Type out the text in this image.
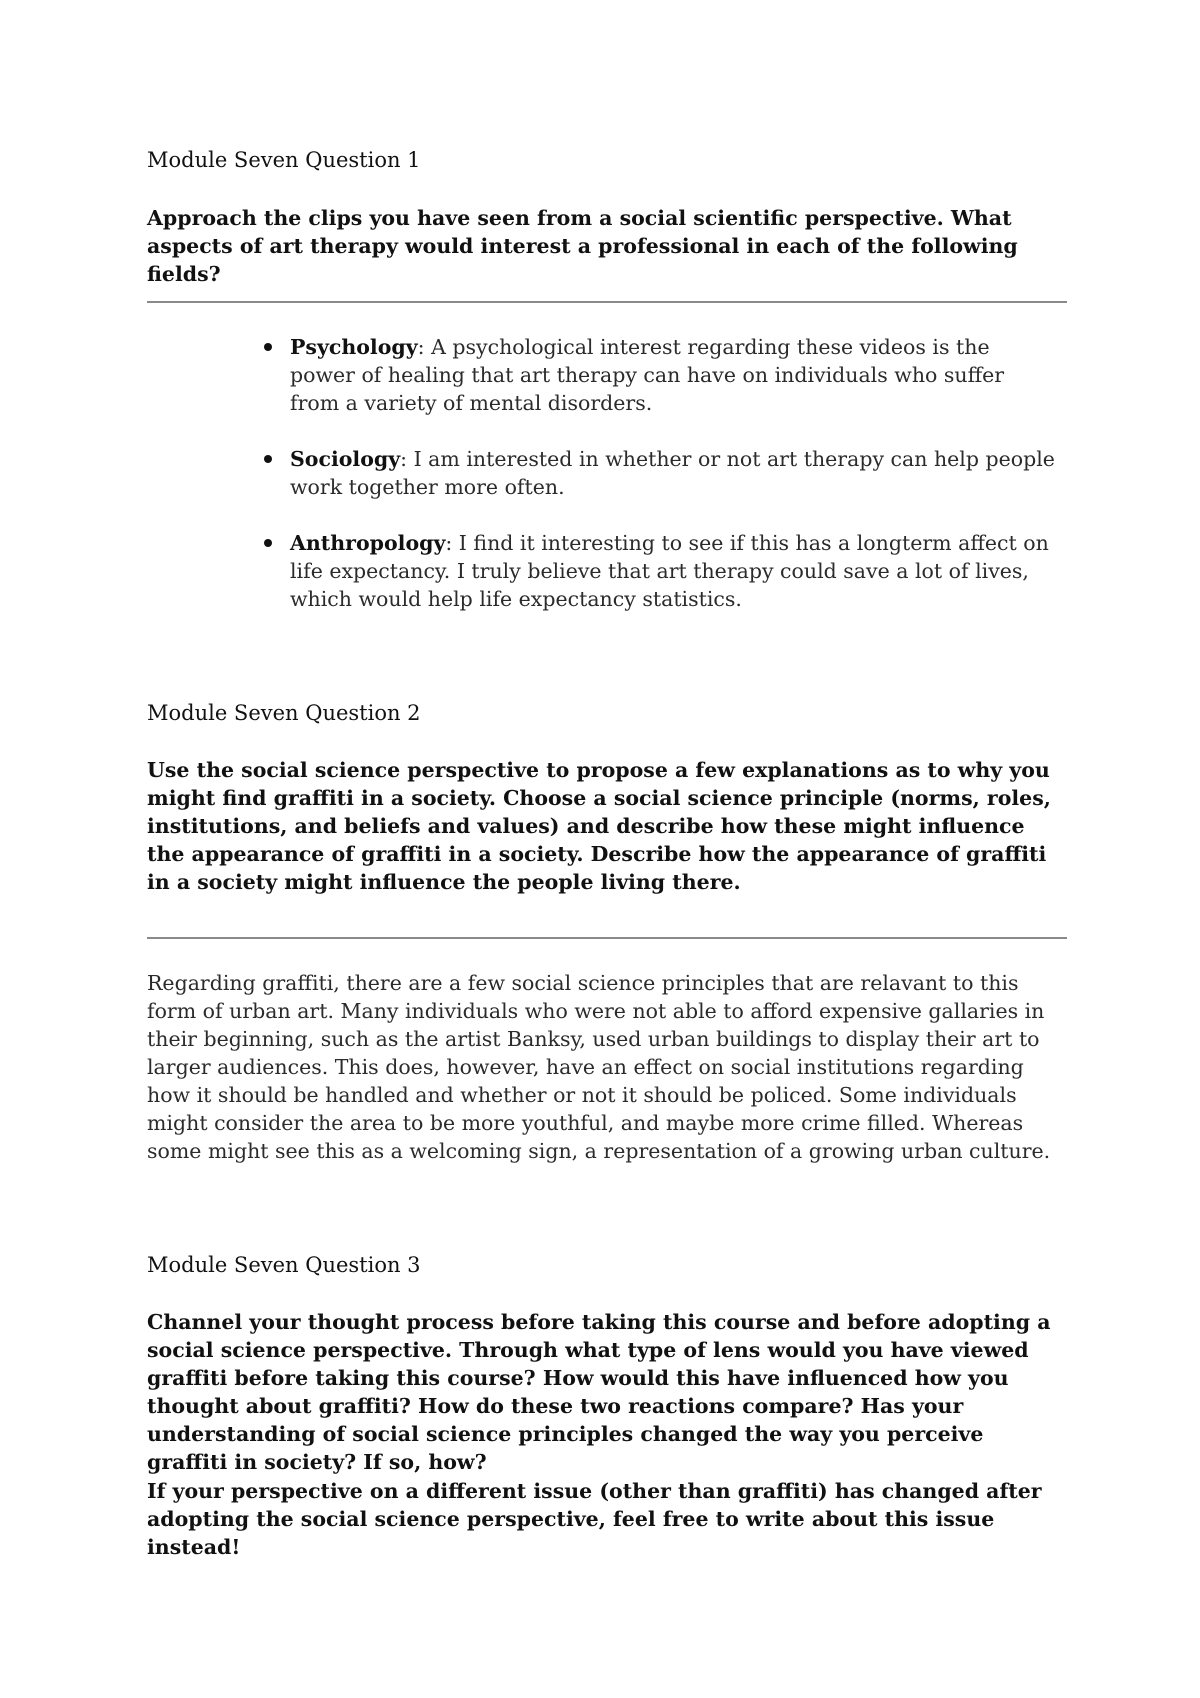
Module Seven Question 1
Approach the clips you have seen from a social scientific perspective. What aspects of art therapy would interest a professional in each of the following fields?
Psychology: A psychological interest regarding these videos is the power of healing that art therapy can have on individuals who suffer from a variety of mental disorders.
Sociology: I am interested in whether or not art therapy can help people work together more often.
Anthropology: I find it interesting to see if this has a longterm affect on life expectancy. I truly believe that art therapy could save a lot of lives, which would help life expectancy statistics.
Module Seven Question 2
Use the social science perspective to propose a few explanations as to why you might find graffiti in a society. Choose a social science principle (norms, roles, institutions, and beliefs and values) and describe how these might influence the appearance of graffiti in a society. Describe how the appearance of graffiti in a society might influence the people living there.
Regarding graffiti, there are a few social science principles that are relavant to this form of urban art. Many individuals who were not able to afford expensive gallaries in their beginning, such as the artist Banksy, used urban buildings to display their art to larger audiences. This does, however, have an effect on social institutions regarding how it should be handled and whether or not it should be policed. Some individuals might consider the area to be more youthful, and maybe more crime filled. Whereas some might see this as a welcoming sign, a representation of a growing urban culture.
Module Seven Question 3
Channel your thought process before taking this course and before adopting a social science perspective. Through what type of lens would you have viewed graffiti before taking this course? How would this have influenced how you thought about graffiti? How do these two reactions compare? Has your understanding of social science principles changed the way you perceive graffiti in society? If so, how?
If your perspective on a different issue (other than graffiti) has changed after adopting the social science perspective, feel free to write about this issue instead!
